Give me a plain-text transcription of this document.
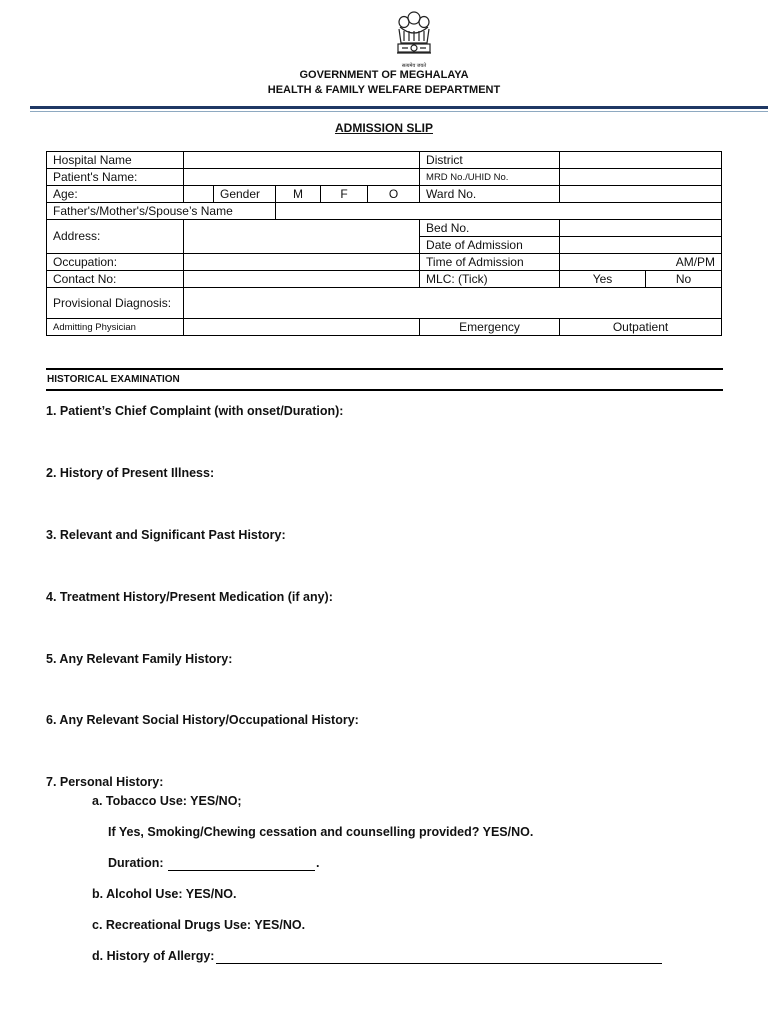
सत्यमेव जयते
GOVERNMENT OF MEGHALAYA
HEALTH & FAMILY WELFARE DEPARTMENT
ADMISSION SLIP
Hospital Name						District		
Patient's Name:						MRD No./UHID No.		
Age:		Gender	M	F	O	Ward No.		
Father's/Mother's/Spouse’s Name								
Address:						Bed No.		
						Date of Admission		
Occupation:						Time of Admission	AM/PM	
Contact No:						MLC: (Tick)	Yes	No
Provisional Diagnosis:								
Admitting Physician						Emergency	Outpatient	
HISTORICAL EXAMINATION
1. Patient’s Chief Complaint (with onset/Duration):
2. History of Present Illness:
3. Relevant and Significant Past History:
4. Treatment History/Present Medication (if any):
5. Any Relevant Family History:
6. Any Relevant Social History/Occupational History:
7. Personal History:
a. Tobacco Use: YES/NO;
If Yes, Smoking/Chewing cessation and counselling provided? YES/NO.
Duration:	.
b. Alcohol Use: YES/NO.
c. Recreational Drugs Use: YES/NO.
d. History of Allergy:
